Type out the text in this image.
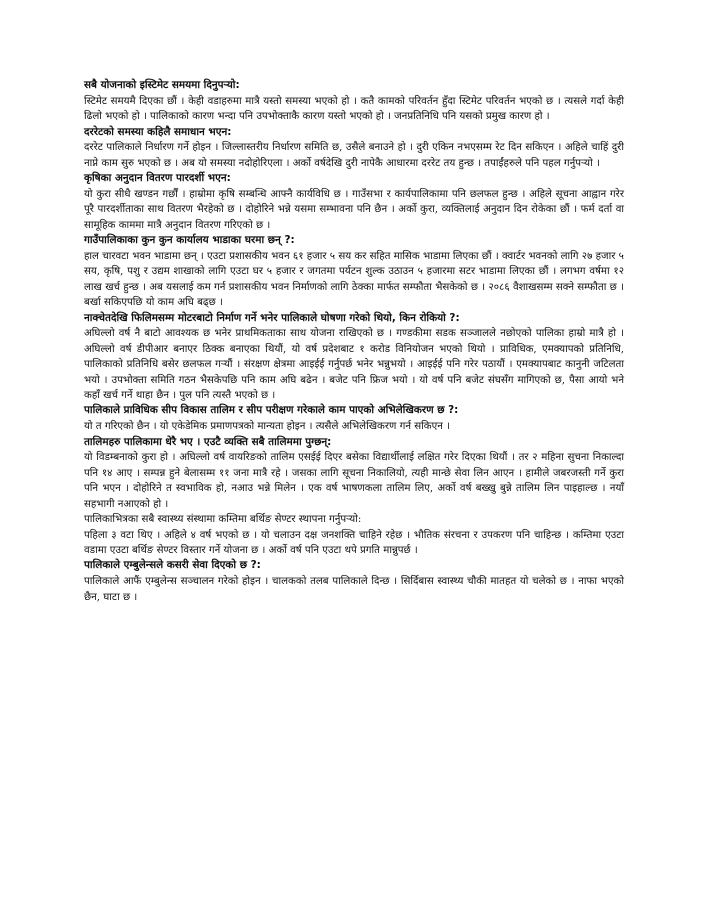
सबै योजनाको इस्टिमेट समयमा दिनुपर्‍यो:

स्टिमेट समयमै दिएका छौं । केही वडाहरुमा मात्रै यस्तो समस्या भएको हो । कतै कामको परिवर्तन हुँदा स्टिमेट परिवर्तन भएको छ । त्यसले गर्दा केही ढिलो भएको हो । पालिकाको कारण भन्दा पनि उपभोक्ताकै कारण यस्तो भएको हो । जनप्रतिनिधि पनि यसको प्रमुख कारण हो ।

दररेटको समस्या कहिलै समाधान भएन:

दररेट पालिकाले निर्धारण गर्ने होइन । जिल्लास्तरीय निर्धारण समिति छ, उसैले बनाउने हो । दुरी एकिन नभएसम्म रेट दिन सकिएन । अहिले चाहिं दुरी नाप्ने काम सुरु भएको छ । अब यो समस्या नदोहोरिएला । अर्को वर्षदेखि दुरी नापेकै आधारमा दररेट तय हुन्छ । तपाईंहरुले पनि पहल गर्नुपर्‍यो ।

कृषिका अनुदान वितरण पारदर्शी भएन:

यो कुरा सीधै खण्डन गर्छौं । हाम्रोमा कृषि सम्बन्धि आफ्नै कार्यविधि छ । गाउँसभा र कार्यपालिकामा पनि छलफल हुन्छ । अहिले सूचना आह्वान गरेर पूरै पारदर्शीताका साथ वितरण भैरहेको छ । दोहोरिने भन्ने यसमा सम्भावना पनि छैन । अर्को कुरा, व्यक्तिलाई अनुदान दिन रोकेका छौं । फर्म दर्ता वा सामूहिक काममा मात्रै अनुदान वितरण गरिएको छ ।

गाउँपालिकाका कुन कुन कार्यालय भाडाका घरमा छन् ?:

हाल चारवटा भवन भाडामा छन् । एउटा प्रशासकीय भवन ६१ हजार ५ सय कर सहित मासिक भाडामा लिएका छौं । क्वार्टर भवनको लागि २७ हजार ५ सय, कृषि, पशु र उद्यम शाखाको लागि एउटा घर ५ हजार र जगतमा पर्यटन शुल्क उठाउन ५ हजारमा सटर भाडामा लिएका छौं । लगभग वर्षमा १२ लाख खर्च हुन्छ । अब यसलाई कम गर्न प्रशासकीय भवन निर्माणको लागि ठेक्का मार्फत सम्फौता भैसकेको छ । २०८६ वैशाखसम्म सक्ने सम्फौता छ । बर्खा सकिएपछि यो काम अघि बढ्छ ।

नाक्चेतदेखि फिलिमसम्म मोटरबाटो निर्माण गर्ने भनेर पालिकाले घोषणा गरेको थियो, किन रोकियो ?:

अघिल्लो वर्ष नै बाटो आवश्यक छ भनेर प्राथमिकताका साथ योजना राखिएको छ । गण्डकीमा सडक सञ्जालले नछोएको पालिका हाम्रो मात्रै हो । अघिल्लो वर्ष डीपीआर बनाएर ठिक्क बनाएका थियौं, यो वर्ष प्रदेशबाट १ करोड विनियोजन भएको थियो । प्राविधिक, एमक्यापको प्रतिनिधि, पालिकाको प्रतिनिधि बसेर छलफल गर्‍यौं । संरक्षण क्षेत्रमा आइईई गर्नुपर्छ भनेर भन्नुभयो । आइईई पनि गरेर पठायौं । एमक्यापबाट कानुनी जटिलता भयो । उपभोक्ता समिति गठन भैसकेपछि पनि काम अघि बढेन । बजेट पनि फ्रिज भयो । यो वर्ष पनि बजेट संघसँग मागिएको छ, पैसा आयो भने कहाँ खर्च गर्ने थाहा छैन । पुल पनि त्यस्तै भएको छ ।

पालिकाले प्राविधिक सीप विकास तालिम र सीप परीक्षण गरेकाले काम पाएको अभिलेखिकरण छ ?:

यो त गरिएको छैन । यो एकेडेमिक प्रमाणपत्रको मान्यता होइन । त्यसैले अभिलेखिकरण गर्न सकिएन ।

तालिमहरु पालिकामा धेरै भए । एउटै व्यक्ति सबै तालिममा पुग्छन्:

यो विडम्बनाको कुरा हो । अघिल्लो वर्ष वायरिङको तालिम एसईई दिएर बसेका विद्यार्थीलाई लक्षित गरेर दिएका थियौं । तर २ महिना सुचना निकाल्दा पनि १४ आए । सम्पन्न हुने बेलासम्म ११ जना मात्रै रहे । जसका लागि सूचना निकालियो, त्यही मान्छे सेवा लिन आएन । हामीले जबरजस्ती गर्ने कुरा पनि भएन । दोहोरिने त स्वभाविक हो, नआउ भन्ने मिलेन । एक वर्ष भाषणकला तालिम लिए, अर्को वर्ष बख्खु बुन्ने तालिम लिन पाइहाल्छ । नयाँ सहभागी नआएको हो ।

पालिकाभित्रका सबै स्वास्थ्य संस्थामा कम्तिमा बर्थिङ सेण्टर स्थापना गर्नुपर्‍यो:

पहिला ३ वटा थिए । अहिले ४ वर्ष भएको छ । यो चलाउन दक्ष जनशक्ति चाहिने रहेछ । भौतिक संरचना र उपकरण पनि चाहिन्छ । कम्तिमा एउटा वडामा एउटा बर्थिङ सेण्टर विस्तार गर्ने योजना छ । अर्को वर्ष पनि एउटा थपे प्रगति मान्नुपर्छ ।

पालिकाले एम्बुलेन्सले कसरी सेवा दिएको छ ?:

पालिकाले आफैं एम्बुलेन्स सञ्चालन गरेको होइन । चालकको तलब पालिकाले दिन्छ । सिर्दिबास स्वास्थ्य चौकी मातहत यो चलेको छ । नाफा भएको छैन, घाटा छ ।
